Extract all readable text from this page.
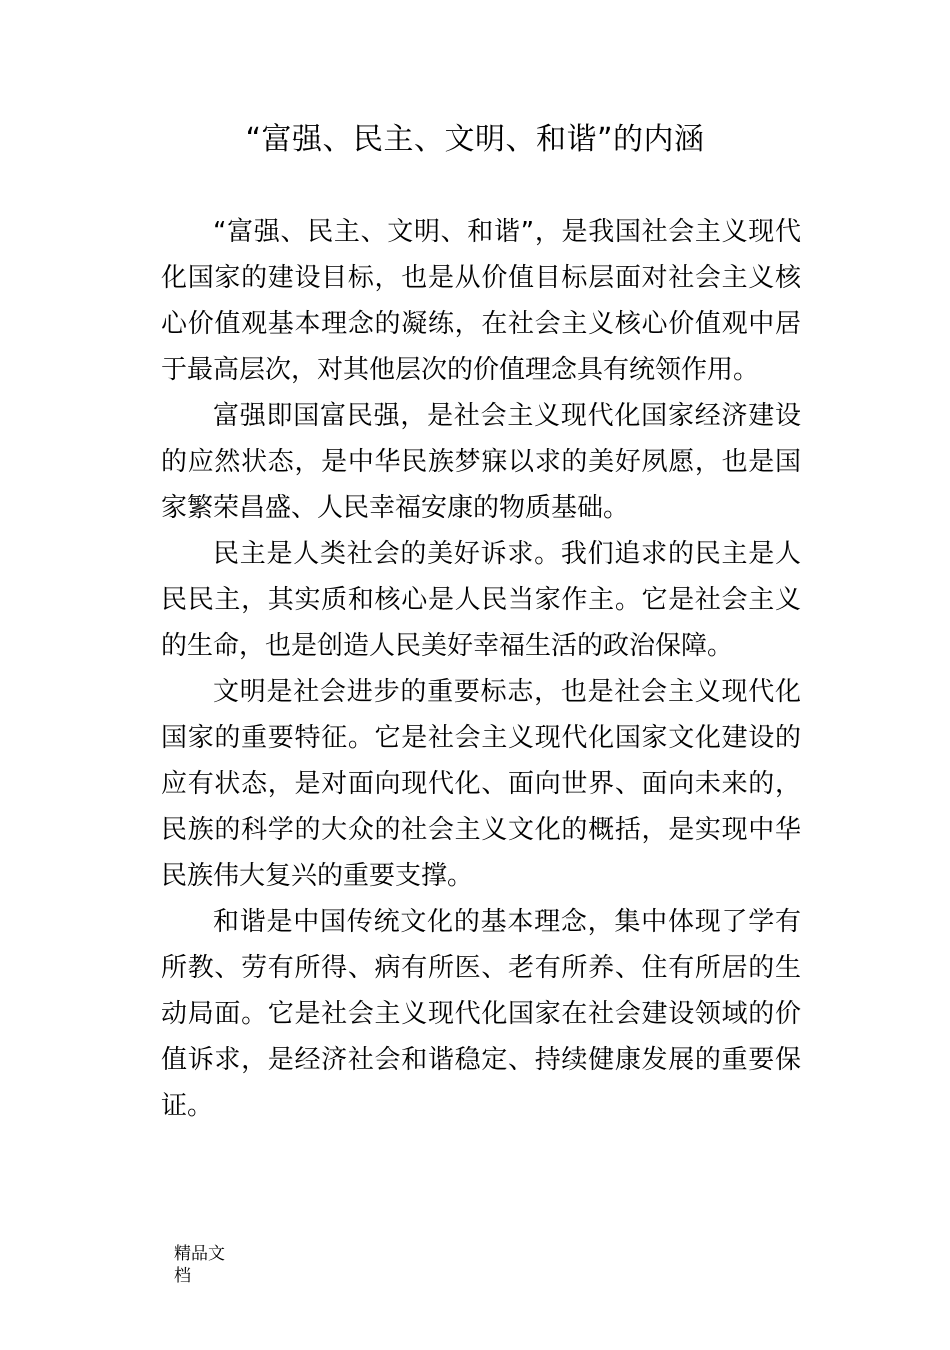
“富强、民主、文明、和谐”的内涵

“富强、民主、文明、和谐”，是我国社会主义现代化国家的建设目标，也是从价值目标层面对社会主义核心价值观基本理念的凝练，在社会主义核心价值观中居于最高层次，对其他层次的价值理念具有统领作用。

富强即国富民强，是社会主义现代化国家经济建设的应然状态，是中华民族梦寐以求的美好夙愿，也是国家繁荣昌盛、人民幸福安康的物质基础。

民主是人类社会的美好诉求。我们追求的民主是人民民主，其实质和核心是人民当家作主。它是社会主义的生命，也是创造人民美好幸福生活的政治保障。

文明是社会进步的重要标志，也是社会主义现代化国家的重要特征。它是社会主义现代化国家文化建设的应有状态，是对面向现代化、面向世界、面向未来的，民族的科学的大众的社会主义文化的概括，是实现中华民族伟大复兴的重要支撑。

和谐是中国传统文化的基本理念，集中体现了学有所教、劳有所得、病有所医、老有所养、住有所居的生动局面。它是社会主义现代化国家在社会建设领域的价值诉求，是经济社会和谐稳定、持续健康发展的重要保证。

精品文档
